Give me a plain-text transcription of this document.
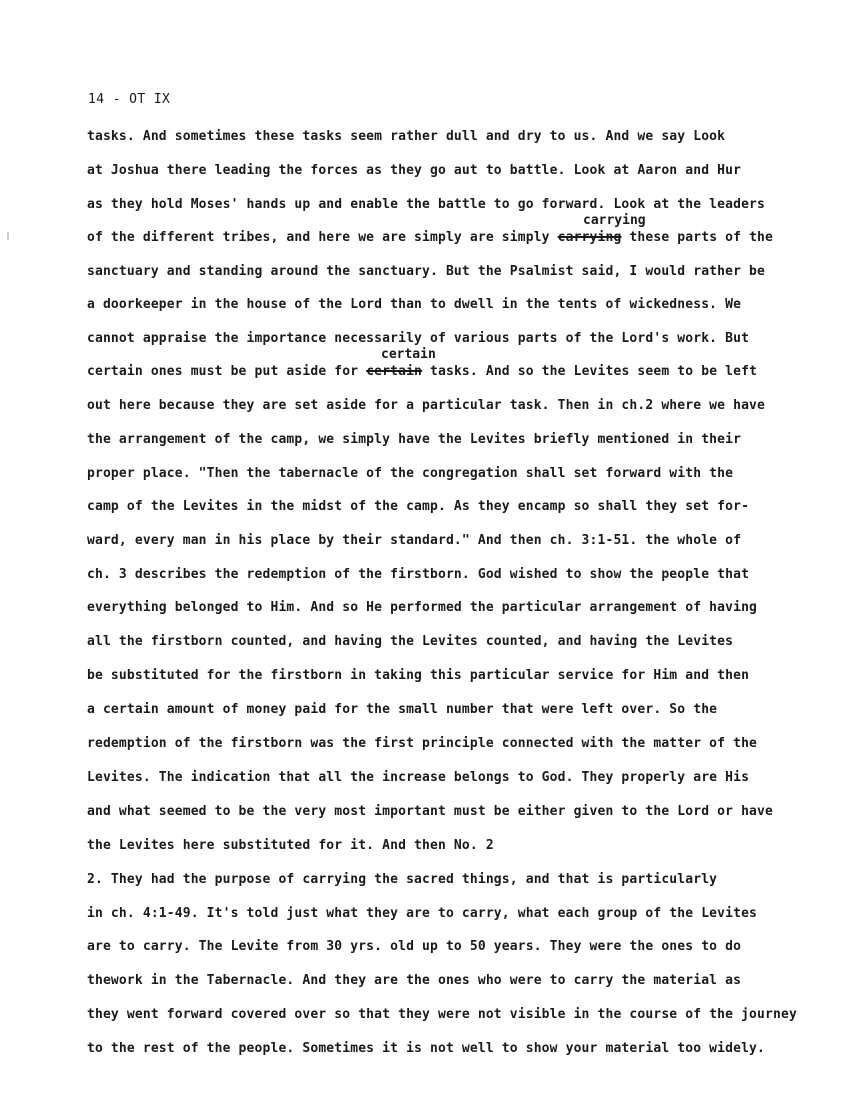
14 - OT IX
tasks. And sometimes these tasks seem rather dull and dry to us. And we say Look
at Joshua there leading the forces as they go aut to battle. Look at Aaron and Hur
as they hold Moses' hands up and enable the battle to go forward. Look at the leaders
carrying
of the different tribes, and here we are simply are simply carrying these parts of the
sanctuary and standing around the sanctuary. But the Psalmist said, I would rather be
a doorkeeper in the house of the Lord than to dwell in the tents of wickedness. We
cannot appraise the importance necessarily of various parts of the Lord's work. But
certain
certain ones must be put aside for certain tasks. And so the Levites seem to be left
out here because they are set aside for a particular task. Then in ch.2 where we have
the arrangement of the camp, we simply have the Levites briefly mentioned in their
proper place. "Then the tabernacle of the congregation shall set forward with the
camp of the Levites in the midst of the camp. As they encamp so shall they set for-
ward, every man in his place by their standard." And then ch. 3:1-51. the whole of
ch. 3 describes the redemption of the firstborn. God wished to show the people that
everything belonged to Him. And so He performed the particular arrangement of having
all the firstborn counted, and having the Levites counted, and having the Levites
be substituted for the firstborn in taking this particular service for Him and then
a certain amount of money paid for the small number that were left over. So the
redemption of the firstborn was the first principle connected with the matter of the
Levites. The indication that all the increase belongs to God. They properly are His
and what seemed to be the very most important must be either given to the Lord or have
the Levites here substituted for it. And then No. 2
2. They had the purpose of carrying the sacred things, and that is particularly
in ch. 4:1-49. It's told just what they are to carry, what each group of the Levites
are to carry. The Levite from 30 yrs. old up to 50 years. They were the ones to do
thework in the Tabernacle. And they are the ones who were to carry the material as
they went forward covered over so that they were not visible in the course of the journey
to the rest of the people. Sometimes it is not well to show your material too widely.
